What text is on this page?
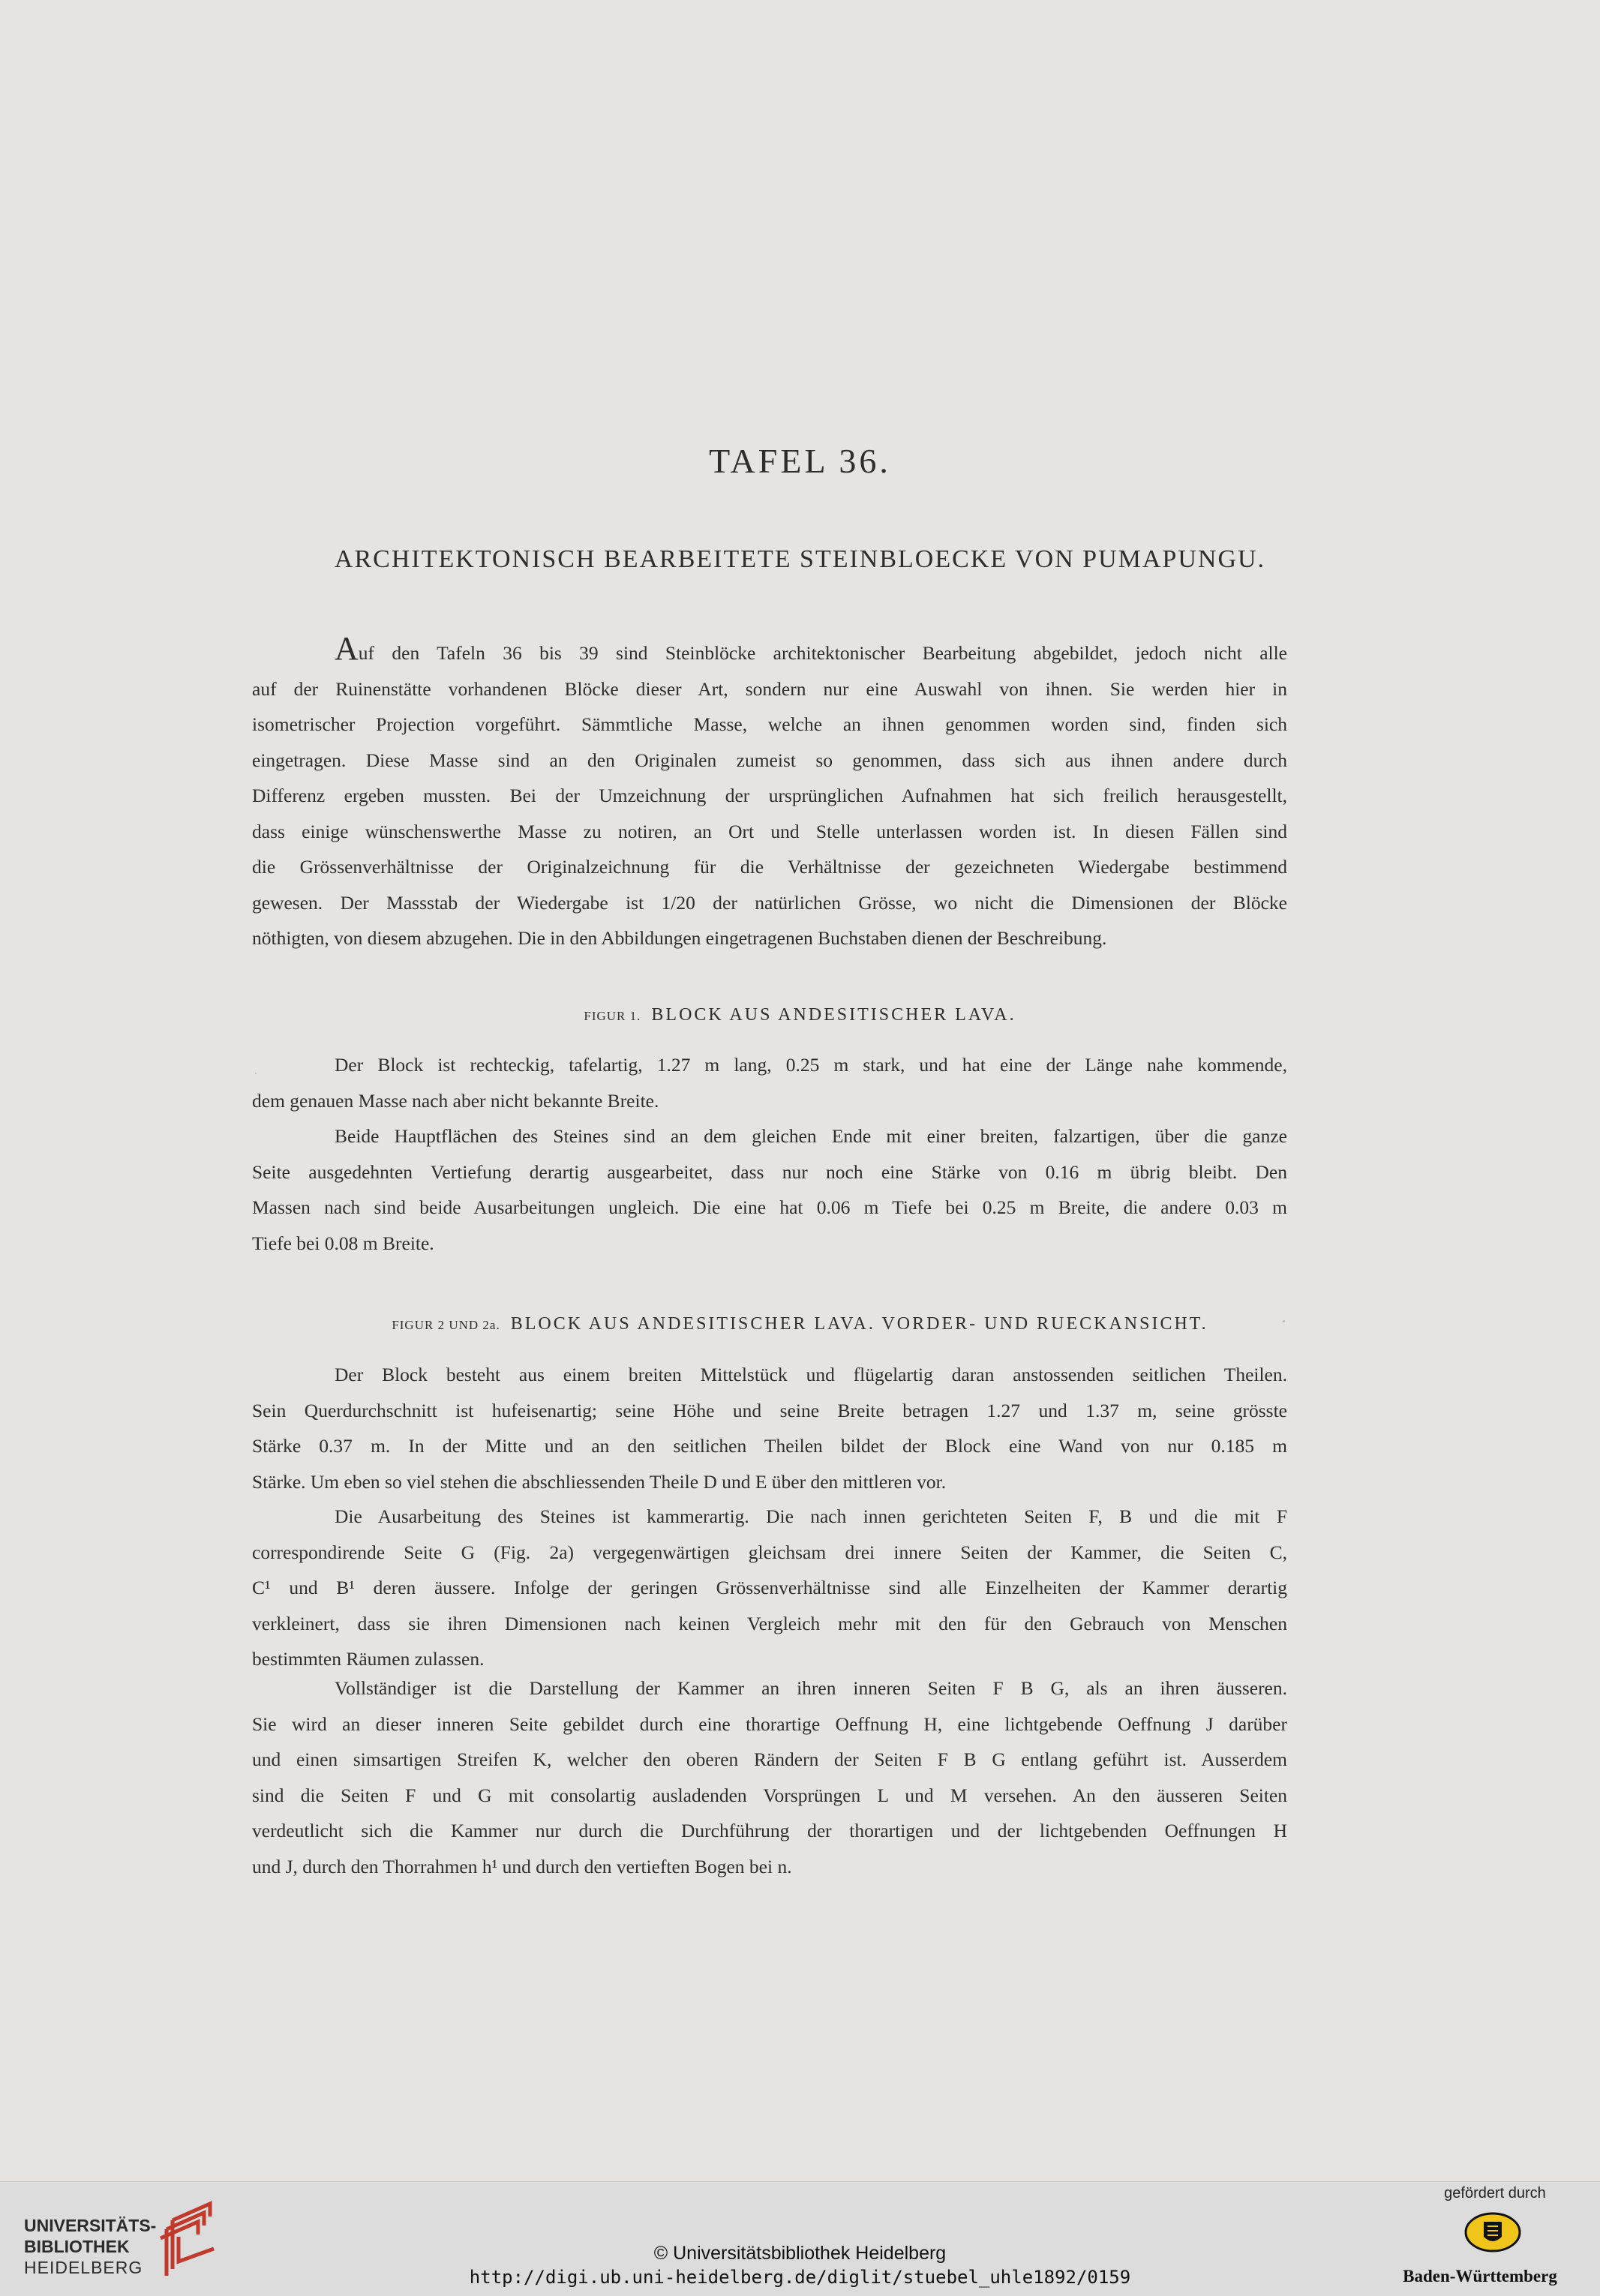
TAFEL 36.
ARCHITEKTONISCH BEARBEITETE STEINBLOECKE VON PUMAPUNGU.
Auf den Tafeln 36 bis 39 sind Steinblöcke architektonischer Bearbeitung abgebildet, jedoch nicht alle
auf der Ruinenstätte vorhandenen Blöcke dieser Art, sondern nur eine Auswahl von ihnen. Sie werden hier in
isometrischer Projection vorgeführt. Sämmtliche Masse, welche an ihnen genommen worden sind, finden sich
eingetragen. Diese Masse sind an den Originalen zumeist so genommen, dass sich aus ihnen andere durch
Differenz ergeben mussten. Bei der Umzeichnung der ursprünglichen Aufnahmen hat sich freilich herausgestellt,
dass einige wünschenswerthe Masse zu notiren, an Ort und Stelle unterlassen worden ist. In diesen Fällen sind
die Grössenverhältnisse der Originalzeichnung für die Verhältnisse der gezeichneten Wiedergabe bestimmend
gewesen. Der Massstab der Wiedergabe ist 1/20 der natürlichen Grösse, wo nicht die Dimensionen der Blöcke
nöthigten, von diesem abzugehen. Die in den Abbildungen eingetragenen Buchstaben dienen der Beschreibung.
FIGUR 1. BLOCK AUS ANDESITISCHER LAVA.
Der Block ist rechteckig, tafelartig, 1.27 m lang, 0.25 m stark, und hat eine der Länge nahe kommende,
dem genauen Masse nach aber nicht bekannte Breite.
Beide Hauptflächen des Steines sind an dem gleichen Ende mit einer breiten, falzartigen, über die ganze
Seite ausgedehnten Vertiefung derartig ausgearbeitet, dass nur noch eine Stärke von 0.16 m übrig bleibt. Den
Massen nach sind beide Ausarbeitungen ungleich. Die eine hat 0.06 m Tiefe bei 0.25 m Breite, die andere 0.03 m
Tiefe bei 0.08 m Breite.
FIGUR 2 UND 2a. BLOCK AUS ANDESITISCHER LAVA. VORDER- UND RUECKANSICHT.
Der Block besteht aus einem breiten Mittelstück und flügelartig daran anstossenden seitlichen Theilen.
Sein Querdurchschnitt ist hufeisenartig; seine Höhe und seine Breite betragen 1.27 und 1.37 m, seine grösste
Stärke 0.37 m. In der Mitte und an den seitlichen Theilen bildet der Block eine Wand von nur 0.185 m
Stärke. Um eben so viel stehen die abschliessenden Theile D und E über den mittleren vor.
Die Ausarbeitung des Steines ist kammerartig. Die nach innen gerichteten Seiten F, B und die mit F
correspondirende Seite G (Fig. 2a) vergegenwärtigen gleichsam drei innere Seiten der Kammer, die Seiten C,
C¹ und B¹ deren äussere. Infolge der geringen Grössenverhältnisse sind alle Einzelheiten der Kammer derartig
verkleinert, dass sie ihren Dimensionen nach keinen Vergleich mehr mit den für den Gebrauch von Menschen
bestimmten Räumen zulassen.
Vollständiger ist die Darstellung der Kammer an ihren inneren Seiten F B G, als an ihren äusseren.
Sie wird an dieser inneren Seite gebildet durch eine thorartige Oeffnung H, eine lichtgebende Oeffnung J darüber
und einen simsartigen Streifen K, welcher den oberen Rändern der Seiten F B G entlang geführt ist. Ausserdem
sind die Seiten F und G mit consolartig ausladenden Vorsprüngen L und M versehen. An den äusseren Seiten
verdeutlicht sich die Kammer nur durch die Durchführung der thorartigen und der lichtgebenden Oeffnungen H
und J, durch den Thorrahmen h¹ und durch den vertieften Bogen bei n.
UNIVERSITÄTS-
BIBLIOTHEK
HEIDELBERG
© Universitätsbibliothek Heidelberg
http://digi.ub.uni-heidelberg.de/diglit/stuebel_uhle1892/0159
gefördert durch
Baden-Württemberg
